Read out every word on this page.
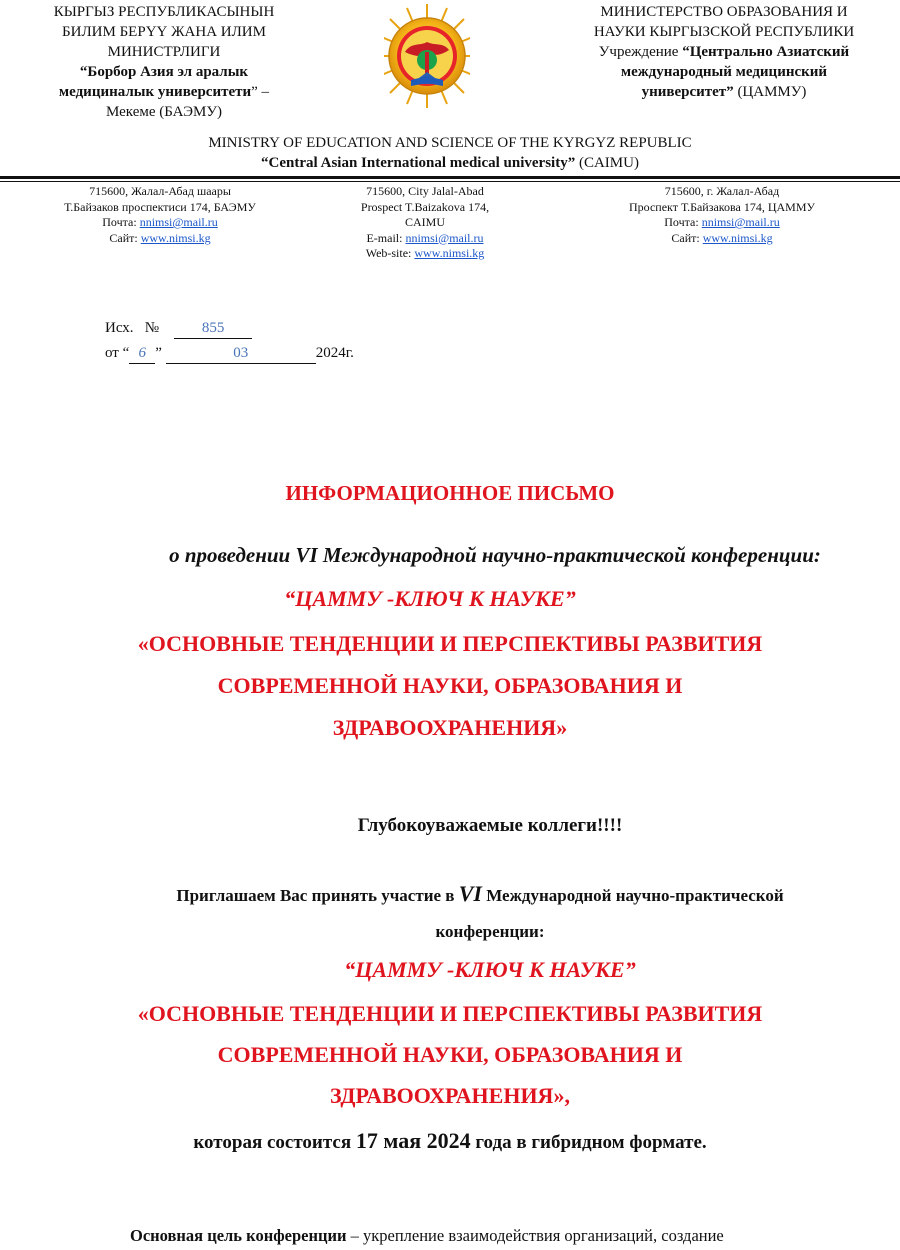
КЫРГЫЗ РЕСПУБЛИКАСЫНЫН
БИЛИМ БЕРҮҮ ЖАНА ИЛИМ
МИНИСТРЛИГИ
“Борбор Азия эл аралык
медициналык университети” –
Мекеме (БАЭМУ)
МИНИСТЕРСТВО ОБРАЗОВАНИЯ И
НАУКИ КЫРГЫЗСКОЙ РЕСПУБЛИКИ
Учреждение “Центрально Азиатский
международный медицинский
университет” (ЦАММУ)
MINISTRY OF EDUCATION AND SCIENCE OF THE KYRGYZ REPUBLIC
“Central Asian International medical university” (CAIMU)
715600, Жалал-Абад шаары
Т.Байзаков проспектиси 174, БАЭМУ
Почта: nnimsi@mail.ru
Сайт: www.nimsi.kg
715600, City Jalal-Abad
Prospect T.Baizakova 174,
CAIMU
E-mail: nnimsi@mail.ru
Web-site: www.nimsi.kg
715600, г. Жалал-Абад
Проспект Т.Байзакова 174, ЦАММУ
Почта: nnimsi@mail.ru
Сайт: www.nimsi.kg
Исх. №	855
от “ 6 ”	03	2024г.
ИНФОРМАЦИОННОЕ ПИСЬМО
о проведении VI Международной научно-практической конференции:
“ЦАММУ -КЛЮЧ К НАУКЕ”
«ОСНОВНЫЕ ТЕНДЕНЦИИ И ПЕРСПЕКТИВЫ РАЗВИТИЯ
СОВРЕМЕННОЙ НАУКИ, ОБРАЗОВАНИЯ И
ЗДРАВООХРАНЕНИЯ»
Глубокоуважаемые коллеги!!!!
Приглашаем Вас принять участие в VI Международной научно-практической
конференции:
“ЦАММУ -КЛЮЧ К НАУКЕ”
«ОСНОВНЫЕ ТЕНДЕНЦИИ И ПЕРСПЕКТИВЫ РАЗВИТИЯ
СОВРЕМЕННОЙ НАУКИ, ОБРАЗОВАНИЯ И
ЗДРАВООХРАНЕНИЯ»,
которая состоится 17 мая 2024 года в гибридном формате.
Основная цель конференции – укрепление взаимодействия организаций, создание
